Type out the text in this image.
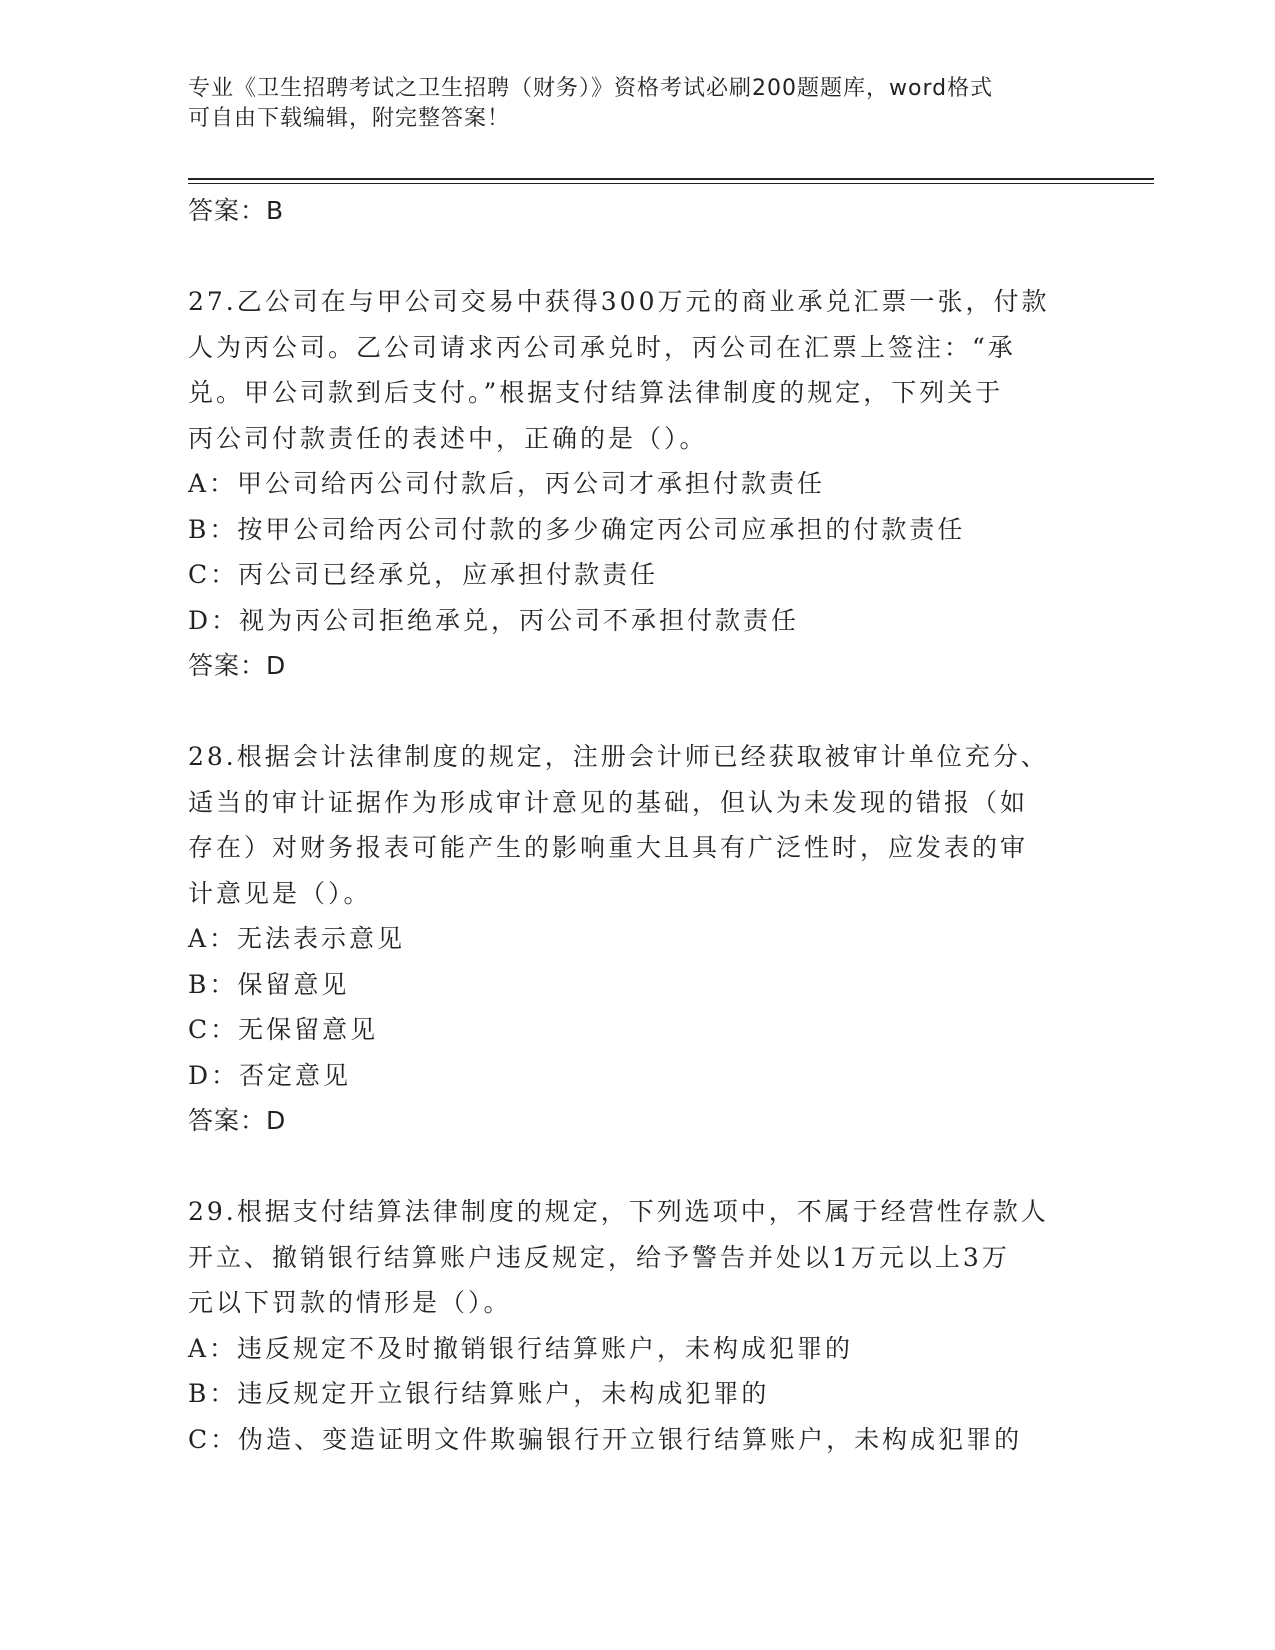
专业《卫生招聘考试之卫生招聘（财务）》资格考试必刷200题题库，word格式
可自由下载编辑，附完整答案！
答案：B
27.乙公司在与甲公司交易中获得300万元的商业承兑汇票一张，付款
人为丙公司。乙公司请求丙公司承兑时，丙公司在汇票上签注：“承
兑。甲公司款到后支付。”根据支付结算法律制度的规定，下列关于
丙公司付款责任的表述中，正确的是（）。
A：甲公司给丙公司付款后，丙公司才承担付款责任
B：按甲公司给丙公司付款的多少确定丙公司应承担的付款责任
C：丙公司已经承兑，应承担付款责任
D：视为丙公司拒绝承兑，丙公司不承担付款责任
答案：D
28.根据会计法律制度的规定，注册会计师已经获取被审计单位充分、
适当的审计证据作为形成审计意见的基础，但认为未发现的错报（如
存在）对财务报表可能产生的影响重大且具有广泛性时，应发表的审
计意见是（）。
A：无法表示意见
B：保留意见
C：无保留意见
D：否定意见
答案：D
29.根据支付结算法律制度的规定，下列选项中，不属于经营性存款人
开立、撤销银行结算账户违反规定，给予警告并处以1万元以上3万
元以下罚款的情形是（）。
A：违反规定不及时撤销银行结算账户，未构成犯罪的
B：违反规定开立银行结算账户，未构成犯罪的
C：伪造、变造证明文件欺骗银行开立银行结算账户，未构成犯罪的
